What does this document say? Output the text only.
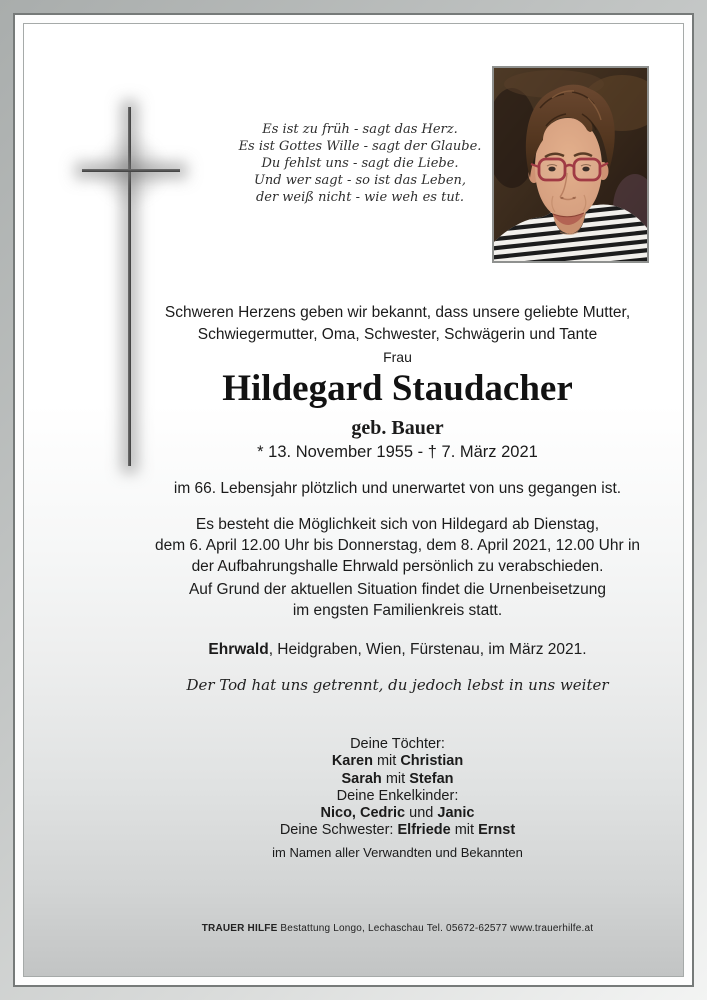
Es ist zu früh - sagt das Herz.
Es ist Gottes Wille - sagt der Glaube.
Du fehlst uns - sagt die Liebe.
Und wer sagt - so ist das Leben,
der weiß nicht - wie weh es tut.
Schweren Herzens geben wir bekannt, dass unsere geliebte Mutter,
Schwiegermutter, Oma, Schwester, Schwägerin und Tante
Frau
Hildegard Staudacher
geb. Bauer
* 13. November 1955 - † 7. März 2021
im 66. Lebensjahr plötzlich und unerwartet von uns gegangen ist.
Es besteht die Möglichkeit sich von Hildegard ab Dienstag,
dem 6. April 12.00 Uhr bis Donnerstag, dem 8. April 2021, 12.00 Uhr in
der Aufbahrungshalle Ehrwald persönlich zu verabschieden.
Auf Grund der aktuellen Situation findet die Urnenbeisetzung
im engsten Familienkreis statt.
Ehrwald, Heidgraben, Wien, Fürstenau, im März 2021.
Der Tod hat uns getrennt, du jedoch lebst in uns weiter
Deine Töchter:
Karen mit Christian
Sarah mit Stefan
Deine Enkelkinder:
Nico, Cedric und Janic
Deine Schwester: Elfriede mit Ernst
im Namen aller Verwandten und Bekannten
TRAUER HILFE Bestattung Longo, Lechaschau Tel. 05672-62577 www.trauerhilfe.at
